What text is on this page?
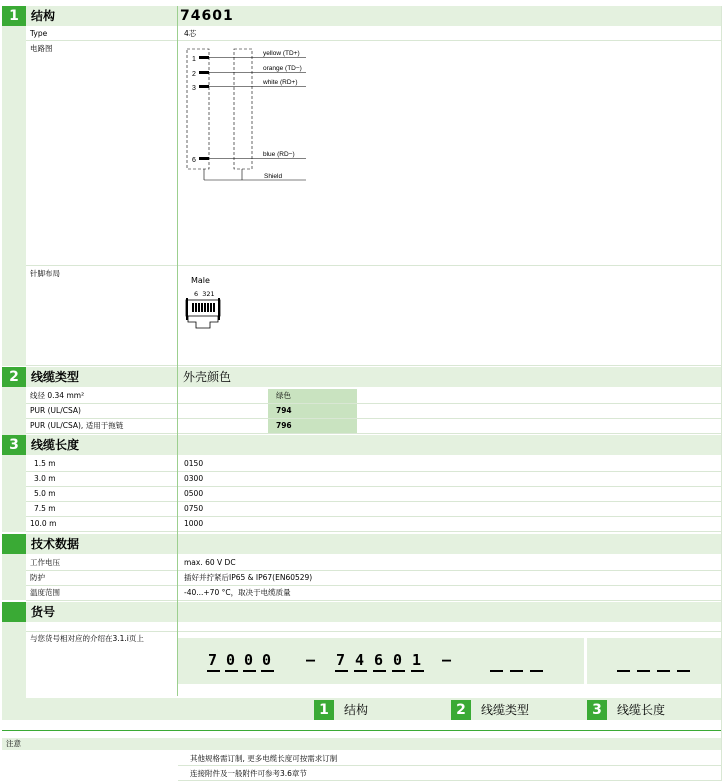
1	结构	74601
Type	4芯
电路图
1
yellow (TD+)
2
orange (TD−)
3
white (RD+)
6
blue (RD−)
Shield
针脚布局
Male
6  321
2	线缆类型	外壳颜色
线径 0.34 mm²	绿色
PUR (UL/CSA)	794
PUR (UL/CSA), 适用于拖链	796
3	线缆长度
1.5 m	0150
3.0 m	0300
5.0 m	0500
7.5 m	0750
10.0 m	1000
技术数据
工作电压	max. 60 V DC
防护	插好并拧紧后IP65 & IP67(EN60529)
温度范围	-40...+70 °C，取决于电缆质量
货号
与您货号相对应的介绍在3.1.i页上
7 0 0 0 – 7 4 6 0 1 –
1	结构	2	线缆类型	3	线缆长度
注意
其他规格需订制, 更多电缆长度可按需求订制
连接附件及一般附件可参考3.6章节
